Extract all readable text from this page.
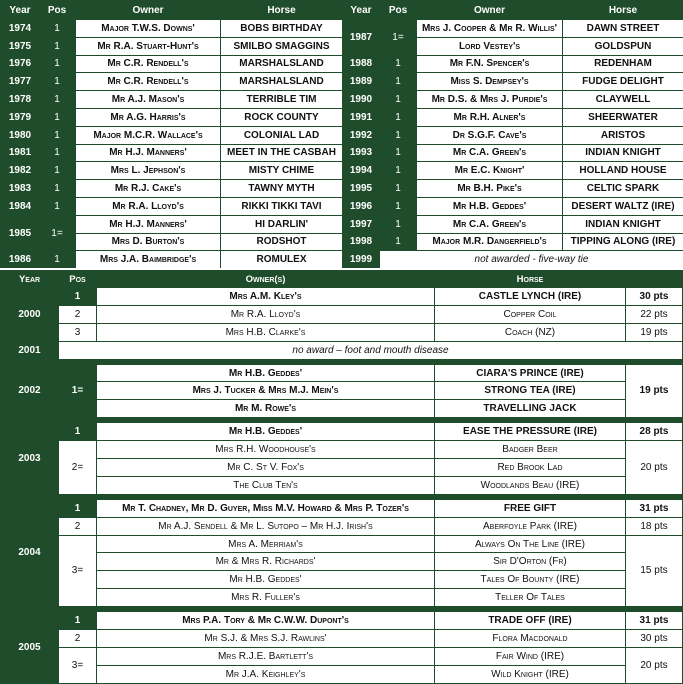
Year	Pos	Owner	Horse
1974	1	Major T.W.S. Downs'	BOBS BIRTHDAY
1975	1	Mr R.A. Stuart-Hunt's	SMILBO SMAGGINS
1976	1	Mr C.R. Rendell's	MARSHALSLAND
1977	1	Mr C.R. Rendell's	MARSHALSLAND
1978	1	Mr A.J. Mason's	TERRIBLE TIM
1979	1	Mr A.G. Harris's	ROCK COUNTY
1980	1	Major M.C.R. Wallace's	COLONIAL LAD
1981	1	Mr H.J. Manners'	MEET IN THE CASBAH
1982	1	Mrs L. Jephson's	MISTY CHIME
1983	1	Mr R.J. Cake's	TAWNY MYTH
1984	1	Mr R.A. Lloyd's	RIKKI TIKKI TAVI
1985	1=	Mr H.J. Manners'	HI DARLIN'
		Mrs D. Burton's	RODSHOT
1986	1	Mrs J.A. Baimbridge's	ROMULEX
Year	Pos	Owner	Horse
1987	1=	Mrs J. Cooper & Mr R. Willis'	DAWN STREET
		Lord Vestey's	GOLDSPUN
1988	1	Mr F.N. Spencer's	REDENHAM
1989	1	Miss S. Dempsey's	FUDGE DELIGHT
1990	1	Mr D.S. & Mrs J. Purdie's	CLAYWELL
1991	1	Mr R.H. Alner's	SHEERWATER
1992	1	Dr S.G.F. Cave's	ARISTOS
1993	1	Mr C.A. Green's	INDIAN KNIGHT
1994	1	Mr E.C. Knight'	HOLLAND HOUSE
1995	1	Mr B.H. Pike's	CELTIC SPARK
1996	1	Mr H.B. Geddes'	DESERT WALTZ (IRE)
1997	1	Mr C.A. Green's	INDIAN KNIGHT
1998	1	Major M.R. Dangerfield's	TIPPING ALONG (IRE)
1999	not awarded - five-way tie		
Year	Pos	Owner(s)	Horse	
2000	1	Mrs A.M. Kley's	CASTLE LYNCH (IRE)	30 pts
	2	Mr R.A. Lloyd's	Copper Coil	22 pts
	3	Mrs H.B. Clarke's	Coach (NZ)	19 pts
2001	no award – foot and mouth disease			

2002	1=	Mr H.B. Geddes'	CIARA'S PRINCE (IRE)	19 pts
		Mrs J. Tucker & Mrs M.J. Mein's	STRONG TEA (IRE)	
		Mr M. Rowe's	TRAVELLING JACK	

2003	1	Mr H.B. Geddes'	EASE THE PRESSURE (IRE)	28 pts
	2=	Mrs R.H. Woodhouse's	Badger Beer	20 pts
		Mr C. St V. Fox's	Red Brook Lad	
		The Club Ten's	Woodlands Beau (IRE)	

2004	1	Mr T. Chadney, Mr D. Guyer, Miss M.V. Howard & Mrs P. Tozer's	FREE GIFT	31 pts
	2	Mr A.J. Sendell & Mr L. Sutopo – Mr H.J. Irish's	Aberfoyle Park (IRE)	18 pts
	3=	Mrs A. Merriam's	Always On The Line (IRE)	15 pts
		Mr & Mrs R. Richards'	Sir D'Orton (Fr)	
		Mr H.B. Geddes'	Tales Of Bounty (IRE)	
		Mrs R. Fuller's	Teller Of Tales	

2005	1	Mrs P.A. Tory & Mr C.W.W. Dupont's	TRADE OFF (IRE)	31 pts
	2	Mr S.J. & Mrs S.J. Rawlins'	Flora Macdonald	30 pts
	3=	Mrs R.J.E. Bartlett's	Fair Wind (IRE)	20 pts
		Mr J.A. Keighley's	Wild Knight (IRE)	
